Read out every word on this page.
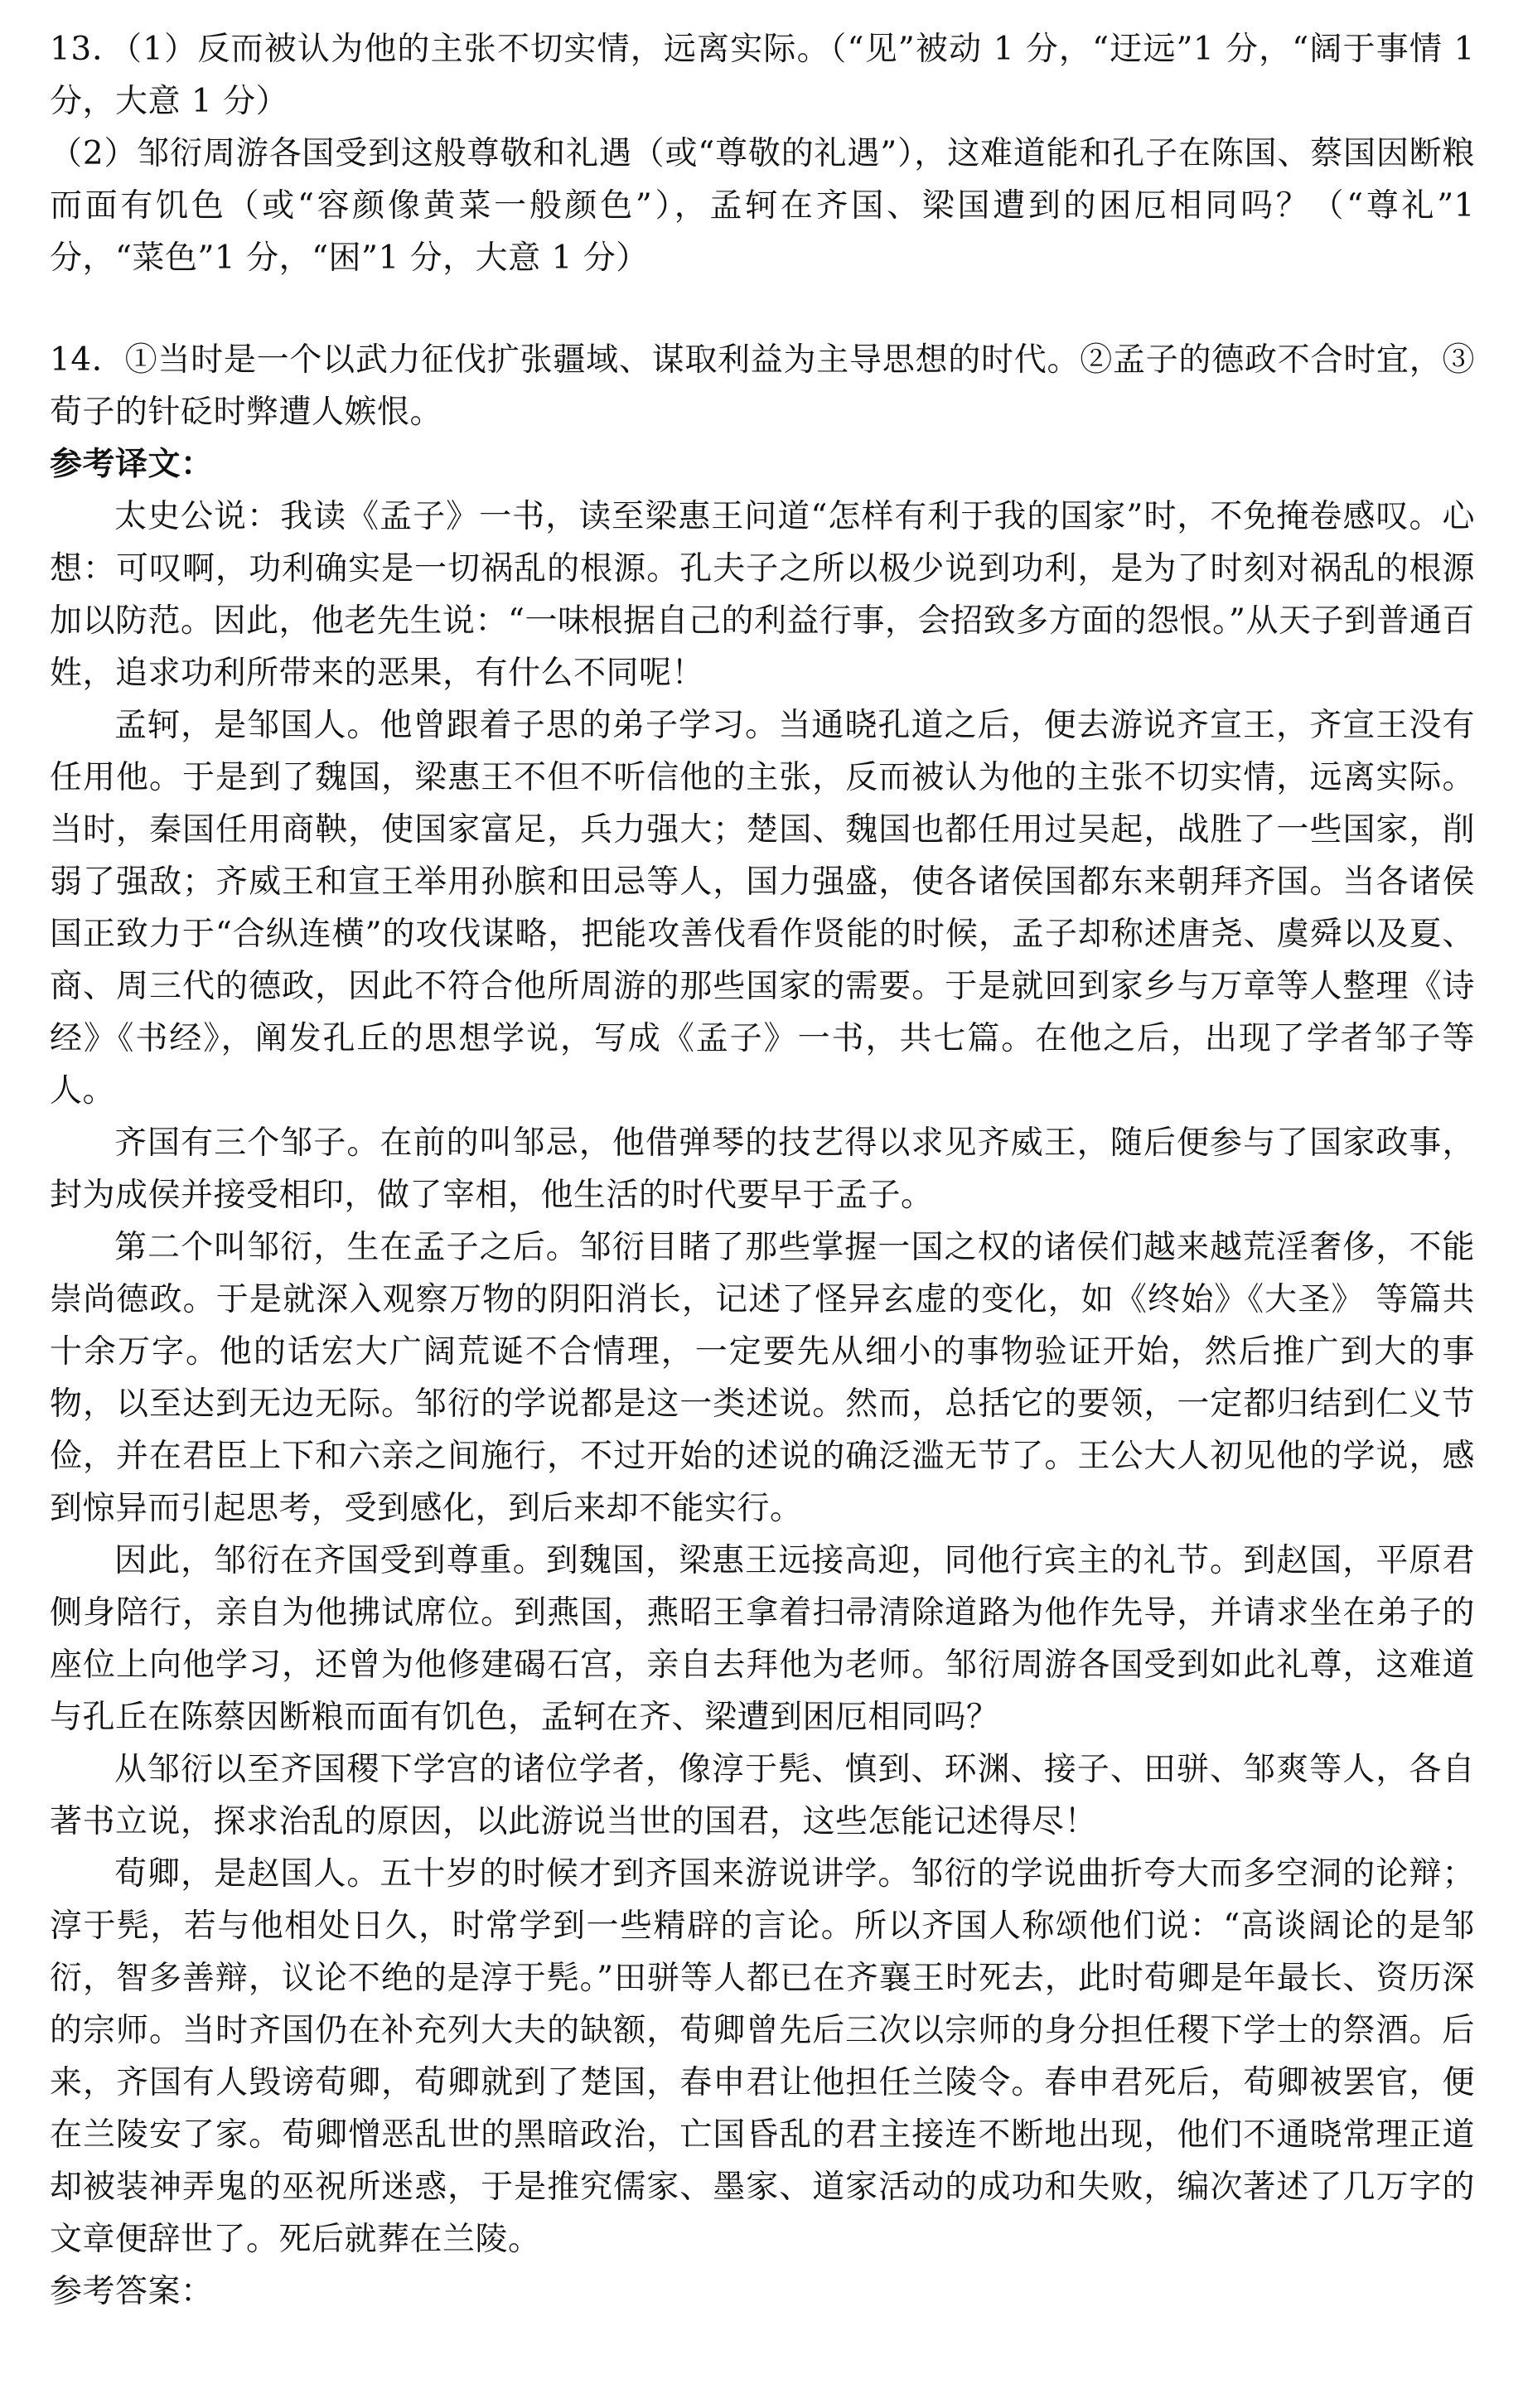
13．（1）反而被认为他的主张不切实情，远离实际。（“见”被动 1 分，“迂远”1 分，“阔于事情 1 分，大意 1 分）

（2）邹衍周游各国受到这般尊敬和礼遇（或“尊敬的礼遇”），这难道能和孔子在陈国、蔡国因断粮而面有饥色（或“容颜像黄菜一般颜色”），孟轲在齐国、梁国遭到的困厄相同吗？（“尊礼”1 分，“菜色”1 分，“困”1 分，大意 1 分）

14．①当时是一个以武力征伐扩张疆域、谋取利益为主导思想的时代。②孟子的德政不合时宜，③荀子的针砭时弊遭人嫉恨。

参考译文：

太史公说：我读《孟子》一书，读至梁惠王问道“怎样有利于我的国家”时，不免掩卷感叹。心想：可叹啊，功利确实是一切祸乱的根源。孔夫子之所以极少说到功利，是为了时刻对祸乱的根源加以防范。因此，他老先生说：“一味根据自己的利益行事，会招致多方面的怨恨。”从天子到普通百姓，追求功利所带来的恶果，有什么不同呢！

孟轲，是邹国人。他曾跟着子思的弟子学习。当通晓孔道之后，便去游说齐宣王，齐宣王没有任用他。于是到了魏国，梁惠王不但不听信他的主张，反而被认为他的主张不切实情，远离实际。当时，秦国任用商鞅，使国家富足，兵力强大；楚国、魏国也都任用过吴起，战胜了一些国家，削弱了强敌；齐威王和宣王举用孙膑和田忌等人，国力强盛，使各诸侯国都东来朝拜齐国。当各诸侯国正致力于“合纵连横”的攻伐谋略，把能攻善伐看作贤能的时候，孟子却称述唐尧、虞舜以及夏、商、周三代的德政，因此不符合他所周游的那些国家的需要。于是就回到家乡与万章等人整理《诗经》《书经》，阐发孔丘的思想学说，写成《孟子》一书，共七篇。在他之后，出现了学者邹子等人。

齐国有三个邹子。在前的叫邹忌，他借弹琴的技艺得以求见齐威王，随后便参与了国家政事，封为成侯并接受相印，做了宰相，他生活的时代要早于孟子。

第二个叫邹衍，生在孟子之后。邹衍目睹了那些掌握一国之权的诸侯们越来越荒淫奢侈，不能崇尚德政。于是就深入观察万物的阴阳消长，记述了怪异玄虚的变化，如《终始》《大圣》 等篇共十余万字。他的话宏大广阔荒诞不合情理，一定要先从细小的事物验证开始，然后推广到大的事物，以至达到无边无际。邹衍的学说都是这一类述说。然而，总括它的要领，一定都归结到仁义节俭，并在君臣上下和六亲之间施行，不过开始的述说的确泛滥无节了。王公大人初见他的学说，感到惊异而引起思考，受到感化，到后来却不能实行。

因此，邹衍在齐国受到尊重。到魏国，梁惠王远接高迎，同他行宾主的礼节。到赵国，平原君侧身陪行，亲自为他拂试席位。到燕国，燕昭王拿着扫帚清除道路为他作先导，并请求坐在弟子的座位上向他学习，还曾为他修建碣石宫，亲自去拜他为老师。邹衍周游各国受到如此礼尊，这难道与孔丘在陈蔡因断粮而面有饥色，孟轲在齐、梁遭到困厄相同吗？

从邹衍以至齐国稷下学宫的诸位学者，像淳于髡、慎到、环渊、接子、田骈、邹爽等人，各自著书立说，探求治乱的原因，以此游说当世的国君，这些怎能记述得尽！

荀卿，是赵国人。五十岁的时候才到齐国来游说讲学。邹衍的学说曲折夸大而多空洞的论辩；淳于髡，若与他相处日久，时常学到一些精辟的言论。所以齐国人称颂他们说：“高谈阔论的是邹衍，智多善辩，议论不绝的是淳于髡。”田骈等人都已在齐襄王时死去，此时荀卿是年最长、资历深的宗师。当时齐国仍在补充列大夫的缺额，荀卿曾先后三次以宗师的身分担任稷下学士的祭酒。后来，齐国有人毁谤荀卿，荀卿就到了楚国，春申君让他担任兰陵令。春申君死后，荀卿被罢官，便在兰陵安了家。荀卿憎恶乱世的黑暗政治，亡国昏乱的君主接连不断地出现，他们不通晓常理正道却被装神弄鬼的巫祝所迷惑，于是推究儒家、墨家、道家活动的成功和失败，编次著述了几万字的文章便辞世了。死后就葬在兰陵。

参考答案：
